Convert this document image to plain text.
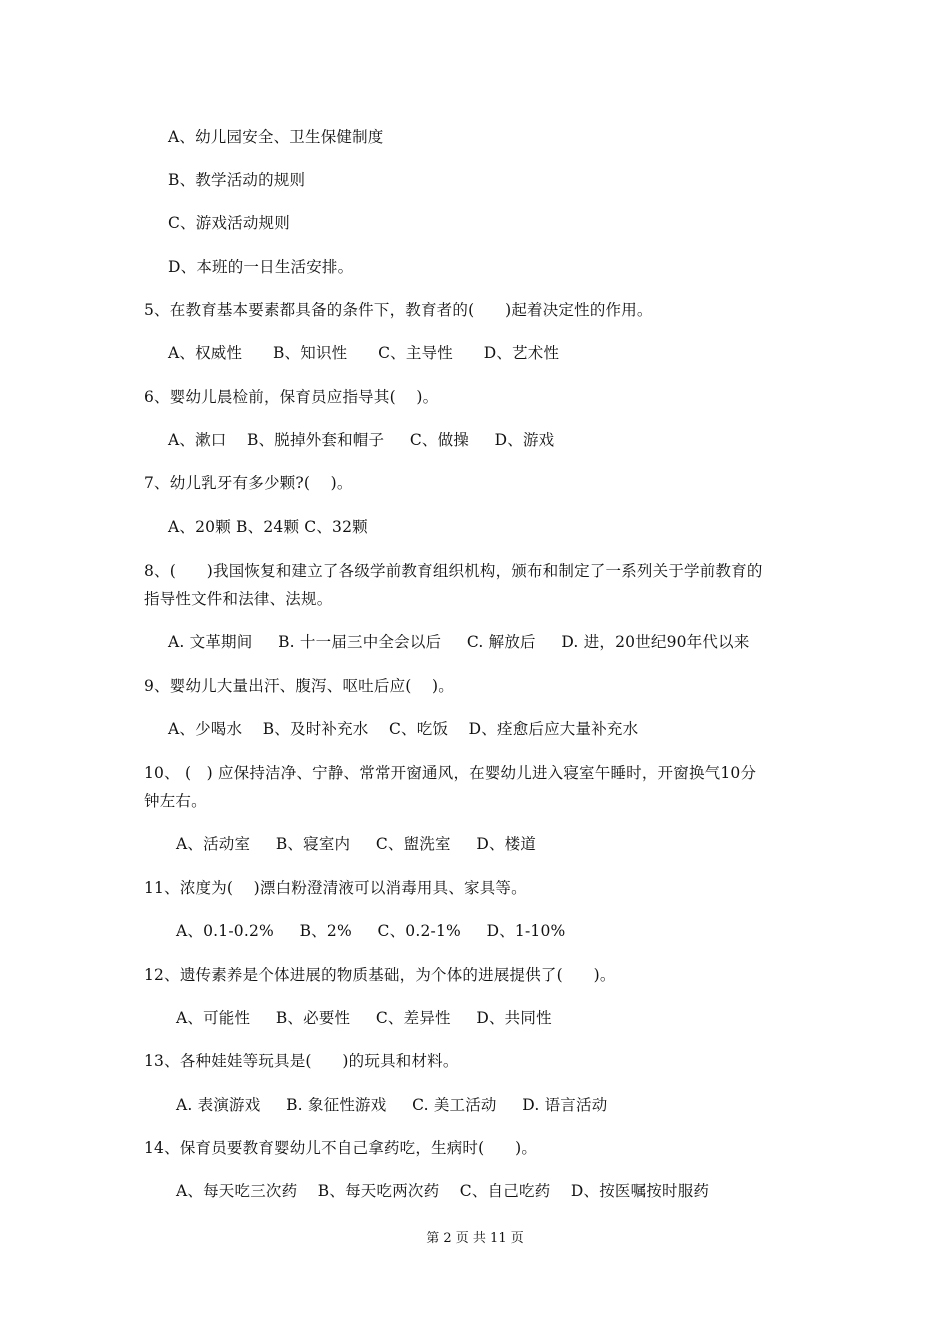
A、幼儿园安全、卫生保健制度
B、教学活动的规则
C、游戏活动规则
D、本班的一日生活安排。
5、在教育基本要素都具备的条件下，教育者的(      )起着决定性的作用。
A、权威性      B、知识性      C、主导性      D、艺术性
6、婴幼儿晨检前，保育员应指导其(    )。
A、漱口    B、脱掉外套和帽子     C、做操     D、游戏
7、幼儿乳牙有多少颗?(    )。
A、20颗 B、24颗 C、32颗
8、(      )我国恢复和建立了各级学前教育组织机构，颁布和制定了一系列关于学前教育的
指导性文件和法律、法规。
A. 文革期间     B. 十一届三中全会以后     C. 解放后     D. 进，20世纪90年代以来
9、婴幼儿大量出汗、腹泻、呕吐后应(    )。
A、少喝水    B、及时补充水    C、吃饭    D、痊愈后应大量补充水
10、 (   ) 应保持洁净、宁静、常常开窗通风，在婴幼儿进入寝室午睡时，开窗换气10分
钟左右。
A、活动室     B、寝室内     C、盥洗室     D、楼道
11、浓度为(    )漂白粉澄清液可以消毒用具、家具等。
A、0.1-0.2%     B、2%     C、0.2-1%     D、1-10%
12、遗传素养是个体进展的物质基础，为个体的进展提供了(      )。
A、可能性     B、必要性     C、差异性     D、共同性
13、各种娃娃等玩具是(      )的玩具和材料。
A. 表演游戏     B. 象征性游戏     C. 美工活动     D. 语言活动
14、保育员要教育婴幼儿不自己拿药吃，生病时(      )。
A、每天吃三次药    B、每天吃两次药    C、自己吃药    D、按医嘱按时服药
第 2 页 共 11 页
